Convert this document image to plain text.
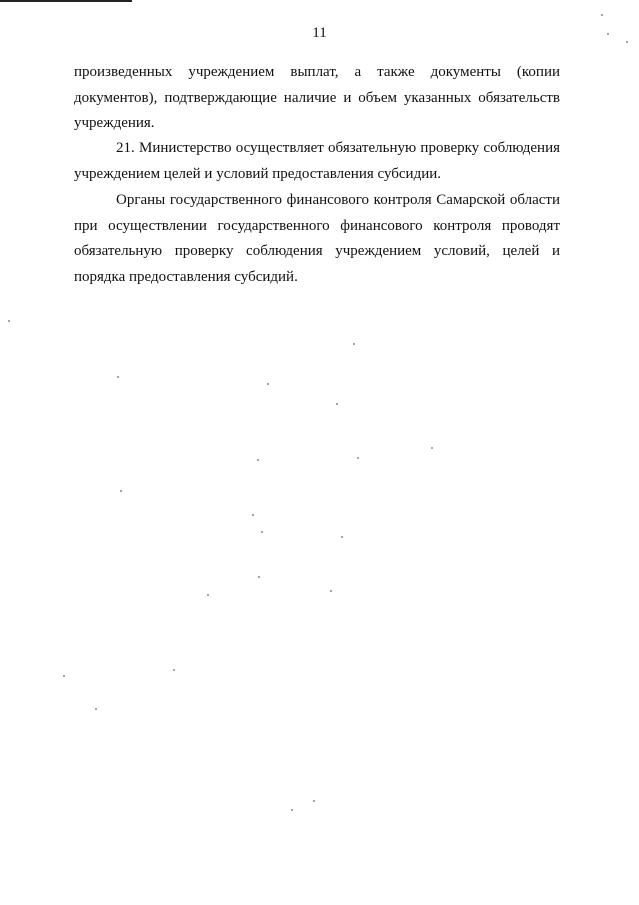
11

произведенных учреждением выплат, а также документы (копии документов), подтверждающие наличие и объем указанных обязательств учреждения.

21. Министерство осуществляет обязательную проверку соблюдения учреждением целей и условий предоставления субсидии.

Органы государственного финансового контроля Самарской области при осуществлении государственного финансового контроля проводят обязательную проверку соблюдения учреждением условий, целей и порядка предоставления субсидий.
